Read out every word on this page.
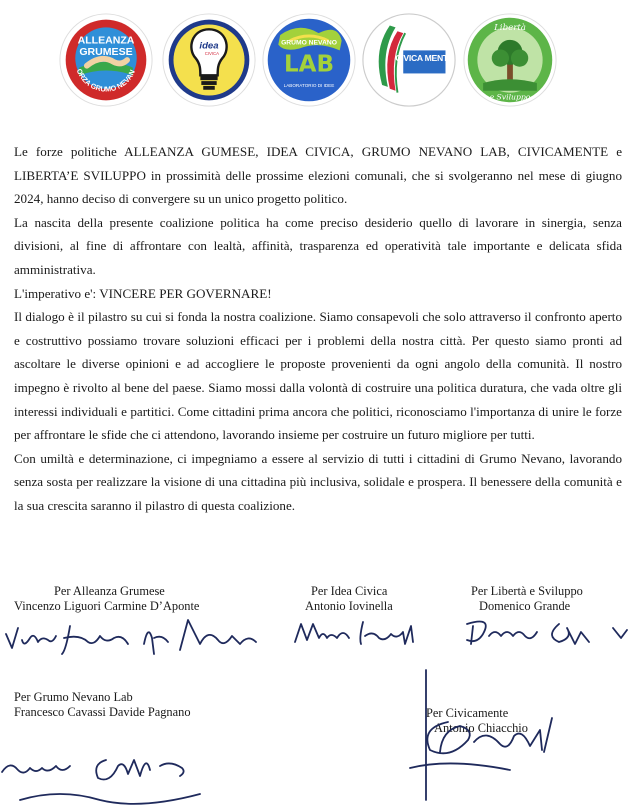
ALLEANZA
GRUMESE
ORZA GRUMO NEVAN
idea
CIVICA
GRUMO NEVANO
LAB
LABORATORIO DI IDEE
CIVICA MENTE
Libertà
e Sviluppo

Le forze politiche ALLEANZA GUMESE, IDEA CIVICA, GRUMO NEVANO LAB, CIVICAMENTE e LIBERTA’E SVILUPPO in prossimità delle prossime elezioni comunali, che si svolgeranno nel mese di giugno 2024, hanno deciso di convergere su un unico progetto politico.

La nascita della presente coalizione politica ha come preciso desiderio quello di lavorare in sinergia, senza divisioni, al fine di affrontare con lealtà, affinità, trasparenza ed operatività tale importante e delicata sfida amministrativa.

L'imperativo e': VINCERE PER GOVERNARE!

Il dialogo è il pilastro su cui si fonda la nostra coalizione. Siamo consapevoli che solo attraverso il confronto aperto e costruttivo possiamo trovare soluzioni efficaci per i problemi della nostra città. Per questo siamo pronti ad ascoltare le diverse opinioni e ad accogliere le proposte provenienti da ogni angolo della comunità. Il nostro impegno è rivolto al bene del paese. Siamo mossi dalla volontà di costruire una politica duratura, che vada oltre gli interessi individuali e partitici. Come cittadini prima ancora che politici, riconosciamo l'importanza di unire le forze per affrontare le sfide che ci attendono, lavorando insieme per costruire un futuro migliore per tutti.

Con umiltà e determinazione, ci impegniamo a essere al servizio di tutti i cittadini di Grumo Nevano, lavorando senza sosta per realizzare la visione di una cittadina più inclusiva, solidale e prospera. Il benessere della comunità e la sua crescita saranno il pilastro di questa coalizione.

Per Alleanza Grumese
Vincenzo Liguori Carmine D’Aponte
Per Idea Civica
Antonio Iovinella
Per Libertà e Sviluppo
Domenico Grande
Per Grumo Nevano Lab
Francesco Cavassi Davide Pagnano	Per Civicamente
Antonio Chiacchio
